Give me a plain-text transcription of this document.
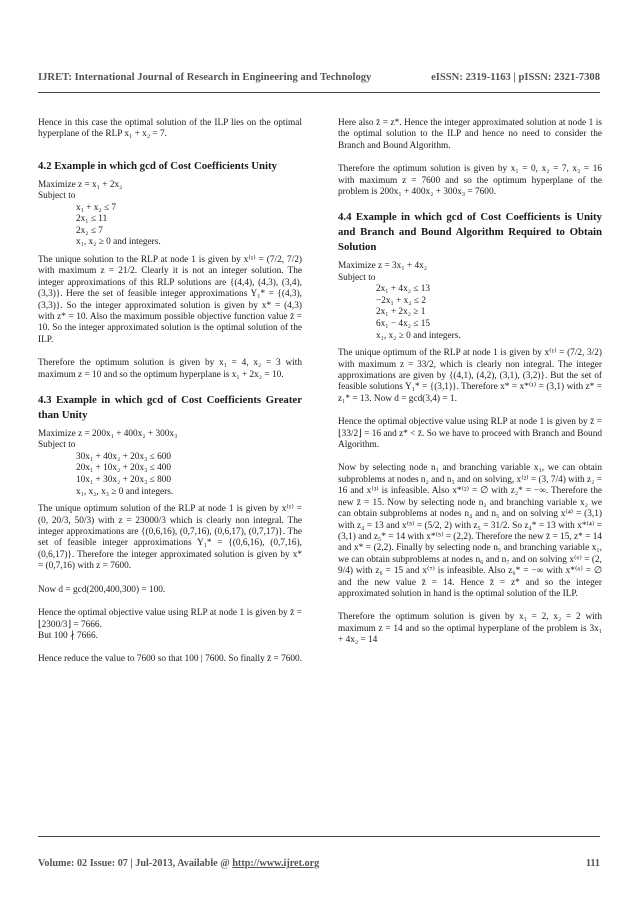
IJRET: International Journal of Research in Engineering and Technology	eISSN: 2319-1163 | pISSN: 2321-7308

Hence in this case the optimal solution of the ILP lies on the optimal hyperplane of the RLP x₁ + x₂ = 7.

4.2 Example in which gcd of Cost Coefficients Unity
Maximize z = x₁ + 2x₂
Subject to
x₁ + x₂ ≤ 7
2x₁ ≤ 11
2x₂ ≤ 7
x₁, x₂ ≥ 0 and integers.

The unique solution to the RLP at node 1 is given by x⁽¹⁾ = (7/2, 7/2) with maximum z = 21/2. Clearly it is not an integer solution. The integer approximations of this RLP solutions are {(4,4), (4,3), (3,4), (3,3)}. Here the set of feasible integer approximations Y₁* = {(4,3), (3,3)}. So the integer approximated solution is given by x* = (4,3) with z* = 10. Also the maximum possible objective function value z̄ = 10. So the integer approximated solution is the optimal solution of the ILP.

Therefore the optimum solution is given by x₁ = 4, x₂ = 3 with maximum z = 10 and so the optimum hyperplane is x₁ + 2x₂ = 10.

4.3 Example in which gcd of Cost Coefficients Greater than Unity
Maximize z = 200x₁ + 400x₂ + 300x₃
Subject to
30x₁ + 40x₂ + 20x₃ ≤ 600
20x₁ + 10x₂ + 20x₃ ≤ 400
10x₁ + 30x₂ + 20x₃ ≤ 800
x₁, x₂, x₃ ≥ 0 and integers.

The unique optimum solution of the RLP at node 1 is given by x⁽¹⁾ = (0, 20/3, 50/3) with z = 23000/3 which is clearly non integral. The integer approximations are {(0,6,16), (0,7,16), (0,6,17), (0,7,17)}. The set of feasible integer approximations Y₁* = {(0,6,16), (0,7,16), (0,6,17)}. Therefore the integer approximated solution is given by x* = (0,7,16) with z = 7600.

Now d = gcd(200,400,300) = 100.

Hence the optimal objective value using RLP at node 1 is given by z̄ = ⌊2300/3⌋ = 7666.

But 100 ∤ 7666.

Hence reduce the value to 7600 so that 100 | 7600. So finally z̄ = 7600.

Here also z̄ = z*. Hence the integer approximated solution at node 1 is the optimal solution to the ILP and hence no need to consider the Branch and Bound Algorithm.

Therefore the optimum solution is given by x₁ = 0, x₂ = 7, x₃ = 16 with maximum z = 7600 and so the optimum hyperplane of the problem is 200x₁ + 400x₂ + 300x₃ = 7600.

4.4 Example in which gcd of Cost Coefficients is Unity and Branch and Bound Algorithm Required to Obtain Solution
Maximize z = 3x₁ + 4x₂
Subject to
2x₁ + 4x₂ ≤ 13
−2x₁ + x₂ ≤ 2
2x₁ + 2x₂ ≥ 1
6x₁ − 4x₂ ≤ 15
x₁, x₂ ≥ 0 and integers.

The unique optimum of the RLP at node 1 is given by x⁽¹⁾ = (7/2, 3/2) with maximum z = 33/2, which is clearly non integral. The integer approximations are given by {(4,1), (4,2), (3,1), (3,2)}. But the set of feasible solutions Y₁* = {(3,1)}. Therefore x* = x*⁽¹⁾ = (3,1) with z* = z₁* = 13. Now d = gcd(3,4) = 1.

Hence the optimal objective value using RLP at node 1 is given by z̄ = ⌊33/2⌋ = 16 and z* < z̄. So we have to proceed with Branch and Bound Algorithm.

Now by selecting node n₁ and branching variable x₁, we can obtain subproblems at nodes n₂ and n₃ and on solving, x⁽²⁾ = (3, 7/4) with z₂ = 16 and x⁽³⁾ is infeasible. Also x*⁽²⁾ = ∅ with z₂* = −∞. Therefore the new z̄ = 15. Now by selecting node n₂ and branching variable x₂ we can obtain subproblems at nodes n₄ and n₅ and on solving x⁽⁴⁾ = (3,1) with z₄ = 13 and x⁽⁵⁾ = (5/2, 2) with z₅ = 31/2. So z₄* = 13 with x*⁽⁴⁾ = (3,1) and z₅* = 14 with x*⁽⁵⁾ = (2,2). Therefore the new z̄ = 15, z* = 14 and x* = (2,2). Finally by selecting node n₅ and branching variable x₁, we can obtain subproblems at nodes n₆ and n₇ and on solving x⁽⁶⁾ = (2, 9/4) with z₆ = 15 and x⁽⁷⁾ is infeasible. Also z₆* = −∞ with x*⁽⁶⁾ = ∅ and the new value z̄ = 14. Hence z̄ = z* and so the integer approximated solution in hand is the optimal solution of the ILP.

Therefore the optimum solution is given by x₁ = 2, x₂ = 2 with maximum z = 14 and so the optimal hyperplane of the problem is 3x₁ + 4x₂ = 14

Volume: 02 Issue: 07 | Jul-2013, Available @ http://www.ijret.org	111
